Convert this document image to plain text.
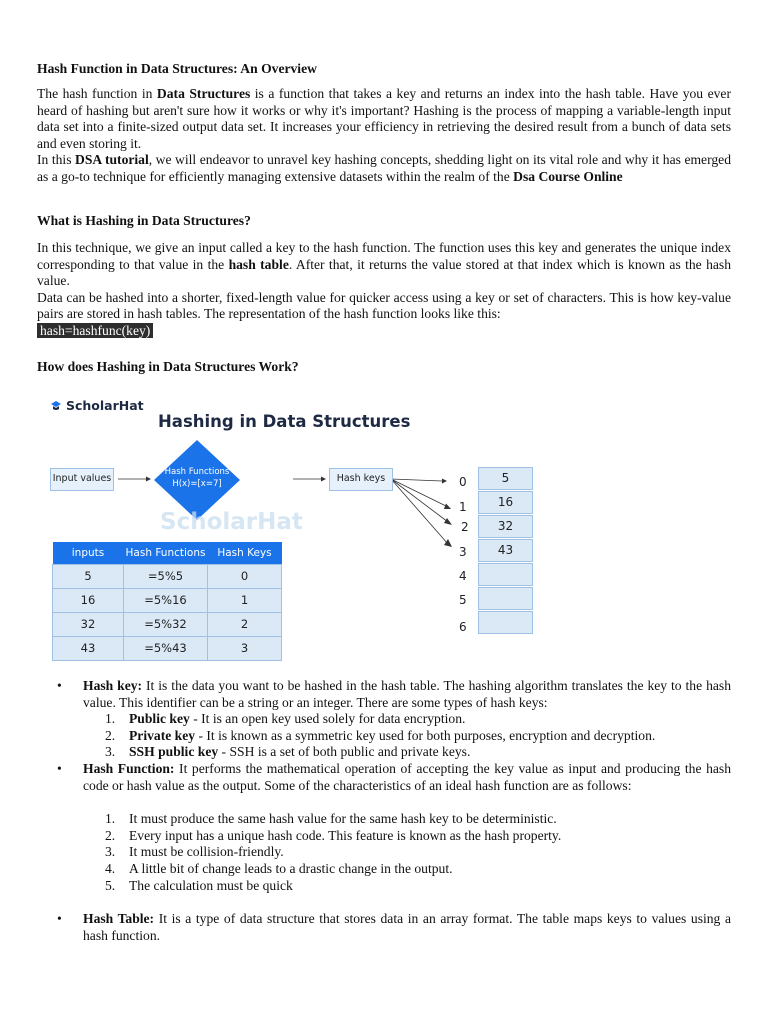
Hash Function in Data Structures: An Overview
The hash function in Data Structures is a function that takes a key and returns an index into the hash table. Have you ever heard of hashing but aren't sure how it works or why it's important? Hashing is the process of mapping a variable-length input data set into a finite-sized output data set. It increases your efficiency in retrieving the desired result from a bunch of data sets and even storing it.
In this DSA tutorial, we will endeavor to unravel key hashing concepts, shedding light on its vital role and why it has emerged as a go-to technique for efficiently managing extensive datasets within the realm of the Dsa Course Online
What is Hashing in Data Structures?
In this technique, we give an input called a key to the hash function. The function uses this key and generates the unique index corresponding to that value in the hash table. After that, it returns the value stored at that index which is known as the hash value.
Data can be hashed into a shorter, fixed-length value for quicker access using a key or set of characters. This is how key-value pairs are stored in hash tables. The representation of the hash function looks like this:
hash=hashfunc(key)
How does Hashing in Data Structures Work?
ScholarHat
Hashing in Data Structures
Input values
Hash Functions
H(x)=[x=7]	Hash keys
ScholarHat
inputs	Hash Functions	Hash Keys
5	=5%5	0
16	=5%16	1
32	=5%32	2
43	=5%43	3
0
1
2
3
4
5
6
5
16
32
43
• Hash key: It is the data you want to be hashed in the hash table. The hashing algorithm translates the key to the hash value. This identifier can be a string or an integer. There are some types of hash keys:
1. Public key - It is an open key used solely for data encryption.
2. Private key - It is known as a symmetric key used for both purposes, encryption and decryption.
3. SSH public key - SSH is a set of both public and private keys.
• Hash Function: It performs the mathematical operation of accepting the key value as input and producing the hash code or hash value as the output. Some of the characteristics of an ideal hash function are as follows:
1. It must produce the same hash value for the same hash key to be deterministic.
2. Every input has a unique hash code. This feature is known as the hash property.
3. It must be collision-friendly.
4. A little bit of change leads to a drastic change in the output.
5. The calculation must be quick
• Hash Table: It is a type of data structure that stores data in an array format. The table maps keys to values using a hash function.
